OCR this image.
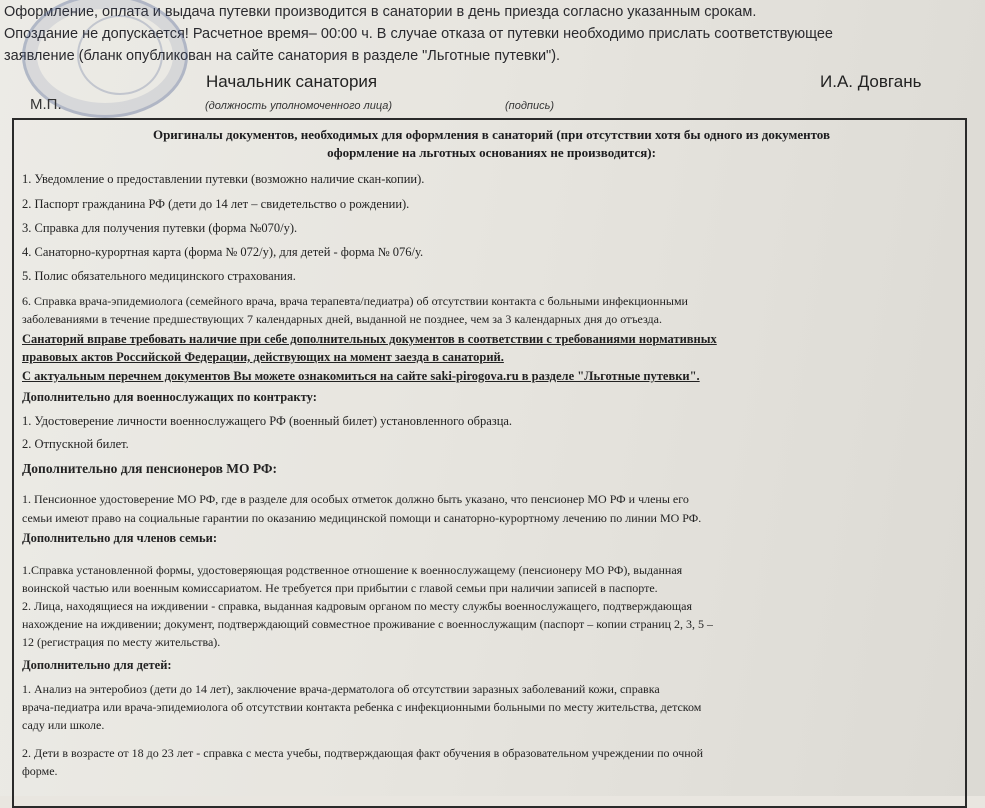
Оформление, оплата и выдача путевки производится в санатории в день приезда согласно указанным срокам.
Опоздание не допускается! Расчетное время– 00:00 ч. В случае отказа от путевки необходимо прислать соответствующее
заявление (бланк опубликован на сайте санатория в разделе "Льготные путевки").
Начальник санатория	И.А. Довгань
М.П.	(должность уполномоченного лица)	(подпись)
Оригиналы документов, необходимых для оформления в санаторий (при отсутствии хотя бы одного из документов
оформление на льготных основаниях не производится):
1. Уведомление о предоставлении путевки (возможно наличие скан-копии).
2. Паспорт гражданина РФ (дети до 14 лет – свидетельство о рождении).
3. Справка для получения путевки (форма №070/у).
4. Санаторно-курортная карта (форма № 072/у), для детей - форма № 076/у.
5. Полис обязательного медицинского страхования.
6. Справка врача-эпидемиолога (семейного врача, врача терапевта/педиатра) об отсутствии контакта с больными инфекционными
заболеваниями в течение предшествующих 7 календарных дней, выданной не позднее, чем за 3 календарных дня до отъезда.
Санаторий вправе требовать наличие при себе дополнительных документов в соответствии с требованиями нормативных
правовых актов Российской Федерации, действующих на момент заезда в санаторий.
С актуальным перечнем документов Вы можете ознакомиться на сайте saki-pirogova.ru в разделе "Льготные путевки".
Дополнительно для военнослужащих по контракту:
1. Удостоверение личности военнослужащего РФ (военный билет) установленного образца.
2. Отпускной билет.
Дополнительно для пенсионеров МО РФ:
1. Пенсионное удостоверение МО РФ, где в разделе для особых отметок должно быть указано, что пенсионер МО РФ и члены его
семьи имеют право на социальные гарантии по оказанию медицинской помощи и санаторно-курортному лечению по линии МО РФ.
Дополнительно для членов семьи:
1.Справка установленной формы, удостоверяющая родственное отношение к военнослужащему (пенсионеру МО РФ), выданная
воинской частью или военным комиссариатом. Не требуется при прибытии с главой семьи при наличии записей в паспорте.
2. Лица, находящиеся на иждивении - справка, выданная кадровым органом по месту службы военнослужащего, подтверждающая
нахождение на иждивении; документ, подтверждающий совместное проживание с военнослужащим (паспорт – копии страниц 2, 3, 5 –
12 (регистрация по месту жительства).
Дополнительно для детей:
1. Анализ на энтеробиоз (дети до 14 лет), заключение врача-дерматолога об отсутствии заразных заболеваний кожи, справка
врача-педиатра или врача-эпидемиолога об отсутствии контакта ребенка с инфекционными больными по месту жительства, детском
саду или школе.
2. Дети в возрасте от 18 до 23 лет - справка с места учебы, подтверждающая факт обучения в образовательном учреждении по очной
форме.
